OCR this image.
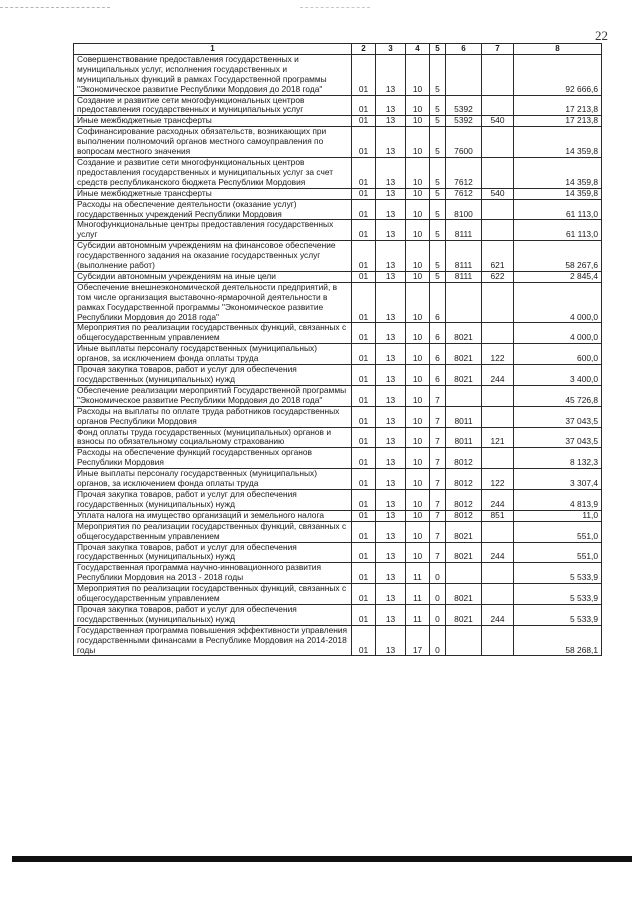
22
1	2	3	4	5	6	7	8
Совершенствование предоставления государственных и муниципальных услуг, исполнения государственных и муниципальных функций в рамках Государственной программы "Экономическое развитие Республики Мордовия до 2018 года"	01	13	10	5			92 666,6
Создание и развитие сети многофункциональных центров предоставления государственных и муниципальных услуг	01	13	10	5	5392		17 213,8
Иные межбюджетные трансферты	01	13	10	5	5392	540	17 213,8
Софинансирование расходных обязательств, возникающих при выполнении полномочий органов местного самоуправления по вопросам местного значения	01	13	10	5	7600		14 359,8
Создание и развитие сети многофункциональных центров предоставления государственных и муниципальных услуг за счет средств республиканского бюджета Республики Мордовия	01	13	10	5	7612		14 359,8
Иные межбюджетные трансферты	01	13	10	5	7612	540	14 359,8
Расходы на обеспечение деятельности (оказание услуг) государственных учреждений Республики Мордовия	01	13	10	5	8100		61 113,0
Многофункциональные центры предоставления государственных услуг	01	13	10	5	8111		61 113,0
Субсидии автономным учреждениям на финансовое обеспечение государственного задания на оказание государственных услуг (выполнение работ)	01	13	10	5	8111	621	58 267,6
Субсидии автономным учреждениям на иные цели	01	13	10	5	8111	622	2 845,4
Обеспечение внешнеэкономической деятельности предприятий, в том числе организация выставочно-ярмарочной деятельности в рамках Государственной программы "Экономическое развитие Республики Мордовия до 2018 года"	01	13	10	6			4 000,0
Мероприятия по реализации государственных функций, связанных с общегосударственным управлением	01	13	10	6	8021		4 000,0
Иные выплаты персоналу государственных (муниципальных) органов, за исключением фонда оплаты труда	01	13	10	6	8021	122	600,0
Прочая закупка товаров, работ и услуг для обеспечения государственных (муниципальных) нужд	01	13	10	6	8021	244	3 400,0
Обеспечение реализации мероприятий Государственной программы "Экономическое развитие Республики Мордовия до 2018 года"	01	13	10	7			45 726,8
Расходы на выплаты по оплате труда работников государственных органов Республики Мордовия	01	13	10	7	8011		37 043,5
Фонд оплаты труда государственных (муниципальных) органов и взносы по обязательному социальному страхованию	01	13	10	7	8011	121	37 043,5
Расходы на обеспечение функций государственных органов Республики Мордовия	01	13	10	7	8012		8 132,3
Иные выплаты персоналу государственных (муниципальных) органов, за исключением фонда оплаты труда	01	13	10	7	8012	122	3 307,4
Прочая закупка товаров, работ и услуг для обеспечения государственных (муниципальных) нужд	01	13	10	7	8012	244	4 813,9
Уплата налога на имущество организаций и земельного налога	01	13	10	7	8012	851	11,0
Мероприятия по реализации государственных функций, связанных с общегосударственным управлением	01	13	10	7	8021		551,0
Прочая закупка товаров, работ и услуг для обеспечения государственных (муниципальных) нужд	01	13	10	7	8021	244	551,0
Государственная программа научно-инновационного развития Республики Мордовия на 2013 - 2018 годы	01	13	11	0			5 533,9
Мероприятия по реализации государственных функций, связанных с общегосударственным управлением	01	13	11	0	8021		5 533,9
Прочая закупка товаров, работ и услуг для обеспечения государственных (муниципальных) нужд	01	13	11	0	8021	244	5 533,9
Государственная программа повышения эффективности управления государственными финансами в Республике Мордовия на 2014-2018 годы	01	13	17	0			58 268,1
